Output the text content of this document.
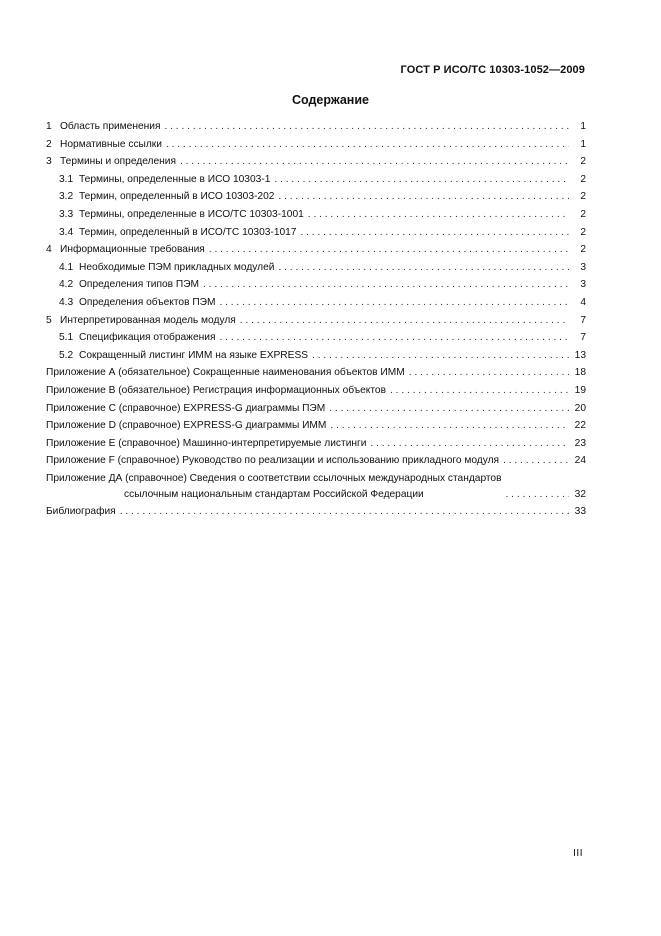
ГОСТ Р ИСО/ТС 10303-1052—2009
Содержание
1 Область применения . . .	1
2 Нормативные ссылки . . .	1
3 Термины и определения . . .	2
3.1 Термины, определенные в ИСО 10303-1 . . .	2
3.2 Термин, определенный в ИСО 10303-202 . . .	2
3.3 Термины, определенные в ИСО/ТС 10303-1001 . . .	2
3.4 Термин, определенный в ИСО/ТС 10303-1017 . . .	2
4 Информационные требования . . .	2
4.1 Необходимые ПЭМ прикладных модулей . . .	3
4.2 Определения типов ПЭМ . . .	3
4.3 Определения объектов ПЭМ . . .	4
5 Интерпретированная модель модуля . . .	7
5.1 Спецификация отображения . . .	7
5.2 Сокращенный листинг ИММ на языке EXPRESS . . .	13
Приложение А (обязательное) Сокращенные наименования объектов ИММ . . .	18
Приложение В (обязательное) Регистрация информационных объектов . . .	19
Приложение С (справочное) EXPRESS-G диаграммы ПЭМ . . .	20
Приложение D (справочное) EXPRESS-G диаграммы ИММ . . .	22
Приложение Е (справочное) Машинно-интерпретируемые листинги . . .	23
Приложение F (справочное) Руководство по реализации и использованию прикладного модуля . . .	24
Приложение ДА (справочное) Сведения о соответствии ссылочных международных стандартов
ссылочным национальным стандартам Российской Федерации . . .	32
Библиография . . .	33
III
